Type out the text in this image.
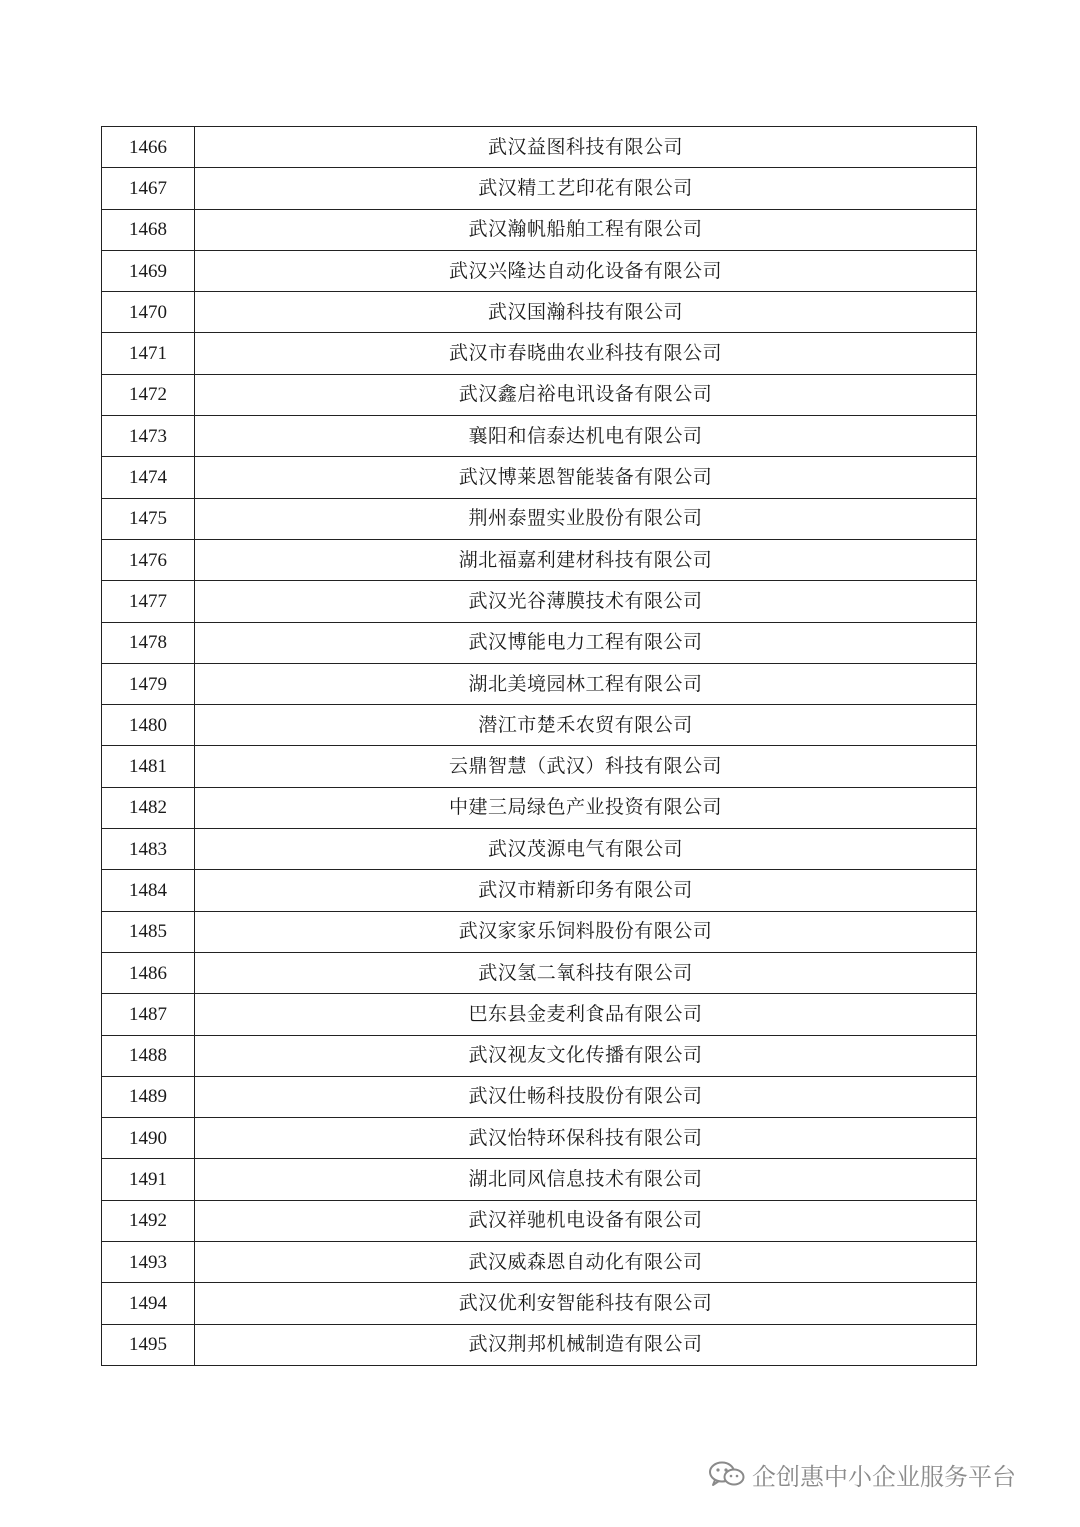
1466	武汉益图科技有限公司
1467	武汉精工艺印花有限公司
1468	武汉瀚帆船舶工程有限公司
1469	武汉兴隆达自动化设备有限公司
1470	武汉国瀚科技有限公司
1471	武汉市春晓曲农业科技有限公司
1472	武汉鑫启裕电讯设备有限公司
1473	襄阳和信泰达机电有限公司
1474	武汉博莱恩智能装备有限公司
1475	荆州泰盟实业股份有限公司
1476	湖北福嘉利建材科技有限公司
1477	武汉光谷薄膜技术有限公司
1478	武汉博能电力工程有限公司
1479	湖北美境园林工程有限公司
1480	潜江市楚禾农贸有限公司
1481	云鼎智慧（武汉）科技有限公司
1482	中建三局绿色产业投资有限公司
1483	武汉茂源电气有限公司
1484	武汉市精新印务有限公司
1485	武汉家家乐饲料股份有限公司
1486	武汉氢二氧科技有限公司
1487	巴东县金麦利食品有限公司
1488	武汉视友文化传播有限公司
1489	武汉仕畅科技股份有限公司
1490	武汉怡特环保科技有限公司
1491	湖北同风信息技术有限公司
1492	武汉祥驰机电设备有限公司
1493	武汉威森恩自动化有限公司
1494	武汉优利安智能科技有限公司
1495	武汉荆邦机械制造有限公司
企创惠中小企业服务平台
